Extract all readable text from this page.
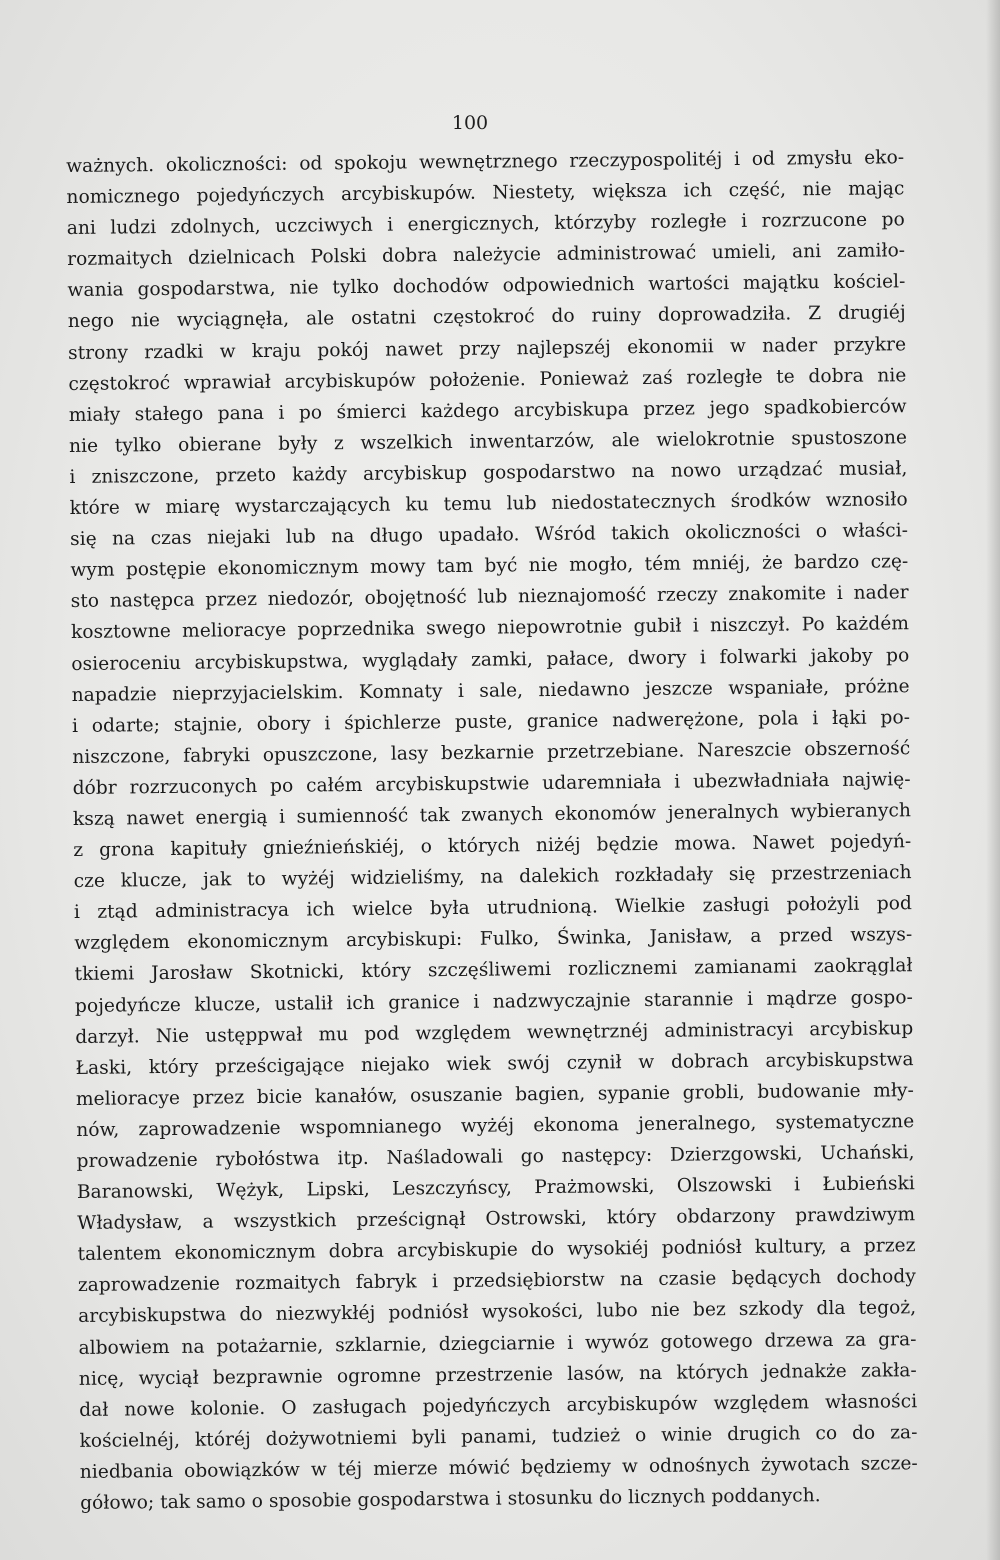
100
ważnych. okoliczności: od spokoju wewnętrznego rzeczypospolitéj i od zmysłu eko-
nomicznego pojedyńczych arcybiskupów. Niestety, większa ich część, nie mając
ani ludzi zdolnych, uczciwych i energicznych, którzyby rozległe i rozrzucone po
rozmaitych dzielnicach Polski dobra należycie administrować umieli, ani zamiło-
wania gospodarstwa, nie tylko dochodów odpowiednich wartości majątku kościel-
nego nie wyciągnęła, ale ostatni częstokroć do ruiny doprowadziła. Z drugiéj
strony rzadki w kraju pokój nawet przy najlepszéj ekonomii w nader przykre
częstokroć wprawiał arcybiskupów położenie. Ponieważ zaś rozległe te dobra nie
miały stałego pana i po śmierci każdego arcybiskupa przez jego spadkobierców
nie tylko obierane były z wszelkich inwentarzów, ale wielokrotnie spustoszone
i zniszczone, przeto każdy arcybiskup gospodarstwo na nowo urządzać musiał,
które w miarę wystarczających ku temu lub niedostatecznych środków wznosiło
się na czas niejaki lub na długo upadało. Wśród takich okoliczności o właści-
wym postępie ekonomicznym mowy tam być nie mogło, tém mniéj, że bardzo czę-
sto następca przez niedozór, obojętność lub nieznajomość rzeczy znakomite i nader
kosztowne melioracye poprzednika swego niepowrotnie gubił i niszczył. Po każdém
osieroceniu arcybiskupstwa, wyglądały zamki, pałace, dwory i folwarki jakoby po
napadzie nieprzyjacielskim. Komnaty i sale, niedawno jeszcze wspaniałe, próżne
i odarte; stajnie, obory i śpichlerze puste, granice nadwerężone, pola i łąki po-
niszczone, fabryki opuszczone, lasy bezkarnie przetrzebiane. Nareszcie obszerność
dóbr rozrzuconych po całém arcybiskupstwie udaremniała i ubezwładniała najwię-
kszą nawet energią i sumienność tak zwanych ekonomów jeneralnych wybieranych
z grona kapituły gnieźnieńskiéj, o których niżéj będzie mowa. Nawet pojedyń-
cze klucze, jak to wyżéj widzieliśmy, na dalekich rozkładały się przestrzeniach
i ztąd administracya ich wielce była utrudnioną. Wielkie zasługi położyli pod
względem ekonomicznym arcybiskupi: Fulko, Świnka, Janisław, a przed wszys-
tkiemi Jarosław Skotnicki, który szczęśliwemi rozlicznemi zamianami zaokrąglał
pojedyńcze klucze, ustalił ich granice i nadzwyczajnie starannie i mądrze gospo-
darzył. Nie ustęppwał mu pod względem wewnętrznéj administracyi arcybiskup
Łaski, który prześcigające niejako wiek swój czynił w dobrach arcybiskupstwa
melioracye przez bicie kanałów, osuszanie bagien, sypanie grobli, budowanie mły-
nów, zaprowadzenie wspomnianego wyżéj ekonoma jeneralnego, systematyczne
prowadzenie rybołóstwa itp. Naśladowali go następcy: Dzierzgowski, Uchański,
Baranowski, Wężyk, Lipski, Leszczyńscy, Prażmowski, Olszowski i Łubieński
Władysław, a wszystkich prześcignął Ostrowski, który obdarzony prawdziwym
talentem ekonomicznym dobra arcybiskupie do wysokiéj podniósł kultury, a przez
zaprowadzenie rozmaitych fabryk i przedsiębiorstw na czasie będących dochody
arcybiskupstwa do niezwykłéj podniósł wysokości, lubo nie bez szkody dla tegoż,
albowiem na potażarnie, szklarnie, dziegciarnie i wywóz gotowego drzewa za gra-
nicę, wyciął bezprawnie ogromne przestrzenie lasów, na których jednakże zakła-
dał nowe kolonie. O zasługach pojedyńczych arcybiskupów względem własności
kościelnéj, któréj dożywotniemi byli panami, tudzież o winie drugich co do za-
niedbania obowiązków w téj mierze mówić będziemy w odnośnych żywotach szcze-
gółowo; tak samo o sposobie gospodarstwa i stosunku do licznych poddanych.
